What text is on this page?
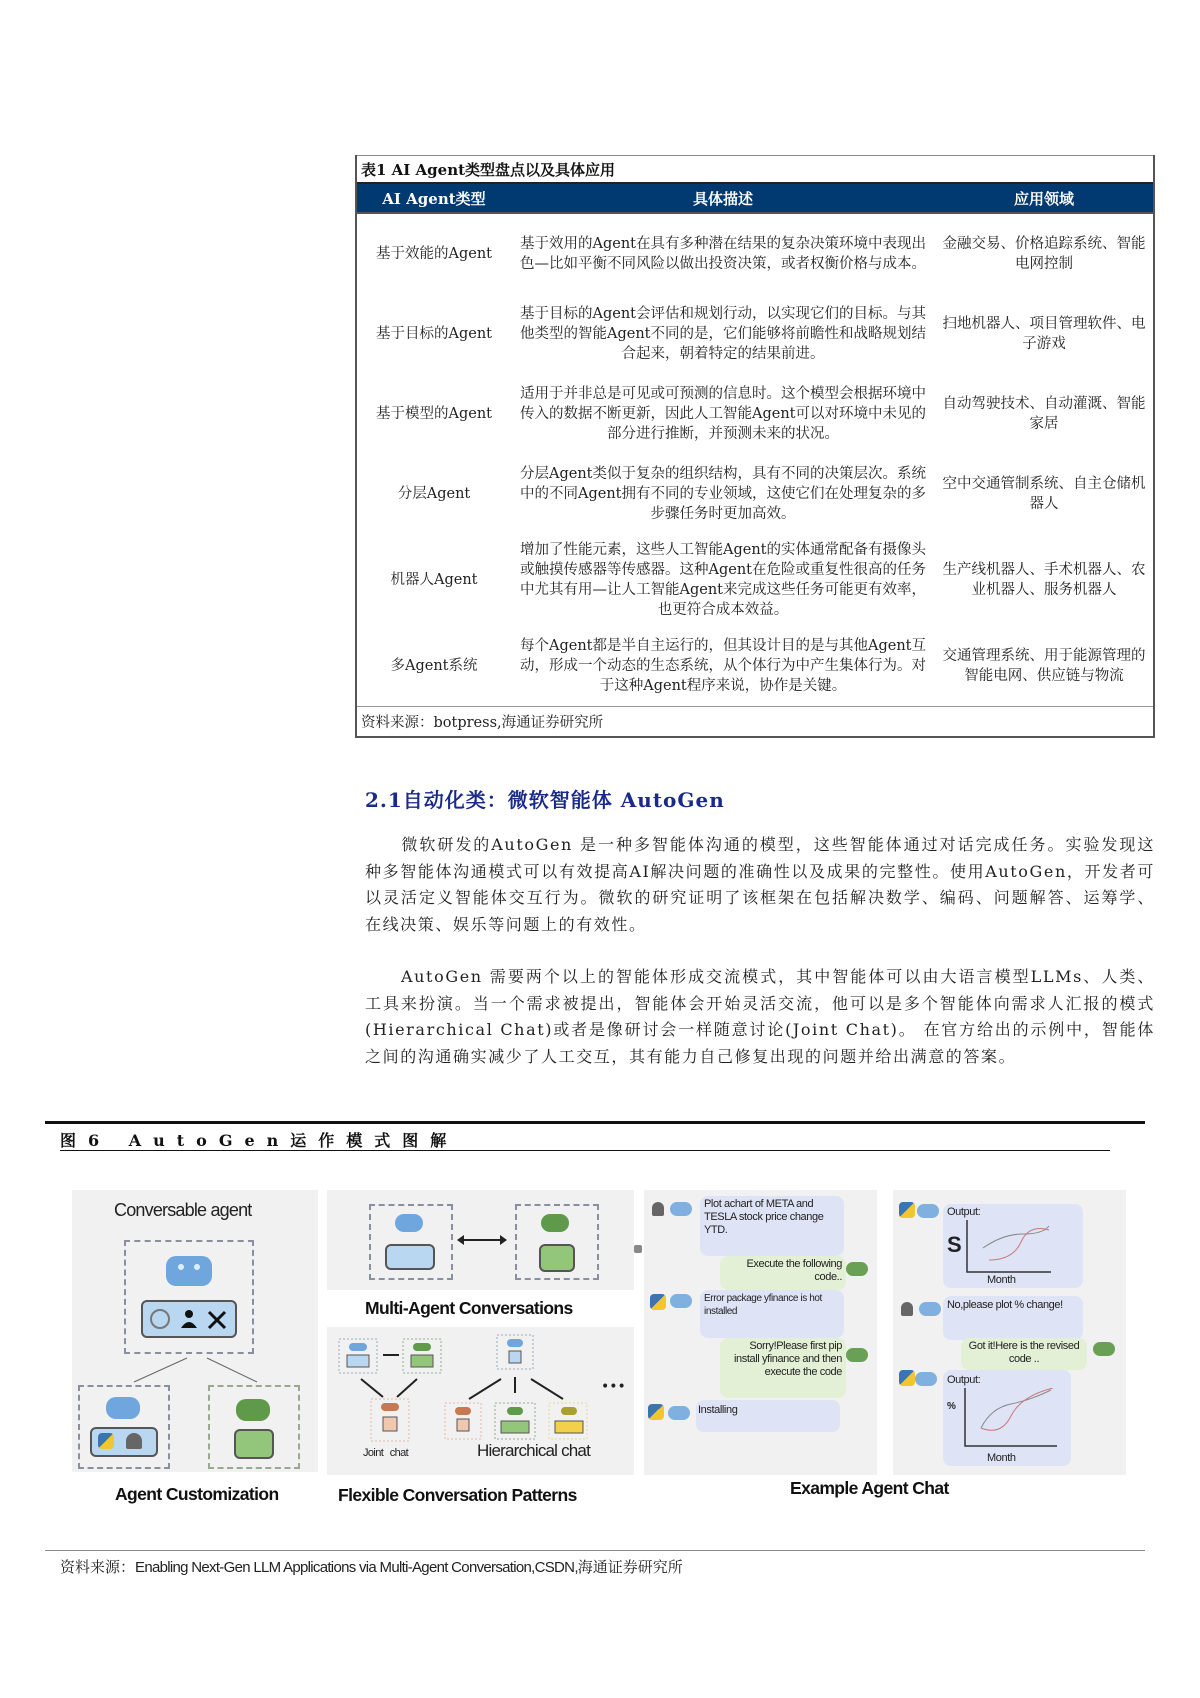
表1 AI Agent类型盘点以及具体应用
AI Agent类型	具体描述	应用领域
基于效能的Agent	基于效用的Agent在具有多种潜在结果的复杂决策环境中表现出色—比如平衡不同风险以做出投资决策，或者权衡价格与成本。	金融交易、价格追踪系统、智能电网控制
基于目标的Agent	基于目标的Agent会评估和规划行动，以实现它们的目标。与其他类型的智能Agent不同的是，它们能够将前瞻性和战略规划结合起来，朝着特定的结果前进。	扫地机器人、项目管理软件、电子游戏
基于模型的Agent	适用于并非总是可见或可预测的信息时。这个模型会根据环境中传入的数据不断更新，因此人工智能Agent可以对环境中未见的部分进行推断，并预测未来的状况。	自动驾驶技术、自动灌溉、智能家居
分层Agent	分层Agent类似于复杂的组织结构，具有不同的决策层次。系统中的不同Agent拥有不同的专业领域，这使它们在处理复杂的多步骤任务时更加高效。	空中交通管制系统、自主仓储机器人
机器人Agent	增加了性能元素，这些人工智能Agent的实体通常配备有摄像头或触摸传感器等传感器。这种Agent在危险或重复性很高的任务中尤其有用—让人工智能Agent来完成这些任务可能更有效率，也更符合成本效益。	生产线机器人、手术机器人、农业机器人、服务机器人
多Agent系统	每个Agent都是半自主运行的，但其设计目的是与其他Agent互动，形成一个动态的生态系统，从个体行为中产生集体行为。对于这种Agent程序来说，协作是关键。	交通管理系统、用于能源管理的智能电网、供应链与物流
资料来源：botpress,海通证券研究所
2.1自动化类：微软智能体 AutoGen
微软研发的AutoGen 是一种多智能体沟通的模型，这些智能体通过对话完成任务。实验发现这种多智能体沟通模式可以有效提高AI解决问题的准确性以及成果的完整性。使用AutoGen，开发者可以灵活定义智能体交互行为。微软的研究证明了该框架在包括解决数学、编码、问题解答、运筹学、在线决策、娱乐等问题上的有效性。
AutoGen 需要两个以上的智能体形成交流模式，其中智能体可以由大语言模型LLMs、人类、工具来扮演。当一个需求被提出，智能体会开始灵活交流，他可以是多个智能体向需求人汇报的模式(Hierarchical Chat)或者是像研讨会一样随意讨论(Joint Chat)。 在官方给出的示例中，智能体之间的沟通确实减少了人工交互，其有能力自己修复出现的问题并给出满意的答案。
图6 AutoGen运作模式图解
Conversable agent
Agent Customization
Multi-Agent Conversations
•••
Joint chat	Hierarchical chat
Flexible Conversation Patterns
Plot achart of META and TESLA stock price change YTD.
Execute the following code..
Error package yfinance is hot installed
Sorry!Please first pip install yfinance and then execute the code
Installing
Output:
S
Month
No,please plot % change!
Got it!Here is the revised code ..
Output:
%
Month
Example Agent Chat
资料来源：Enabling Next-Gen LLM Applications via Multi-Agent Conversation,CSDN,海通证券研究所
